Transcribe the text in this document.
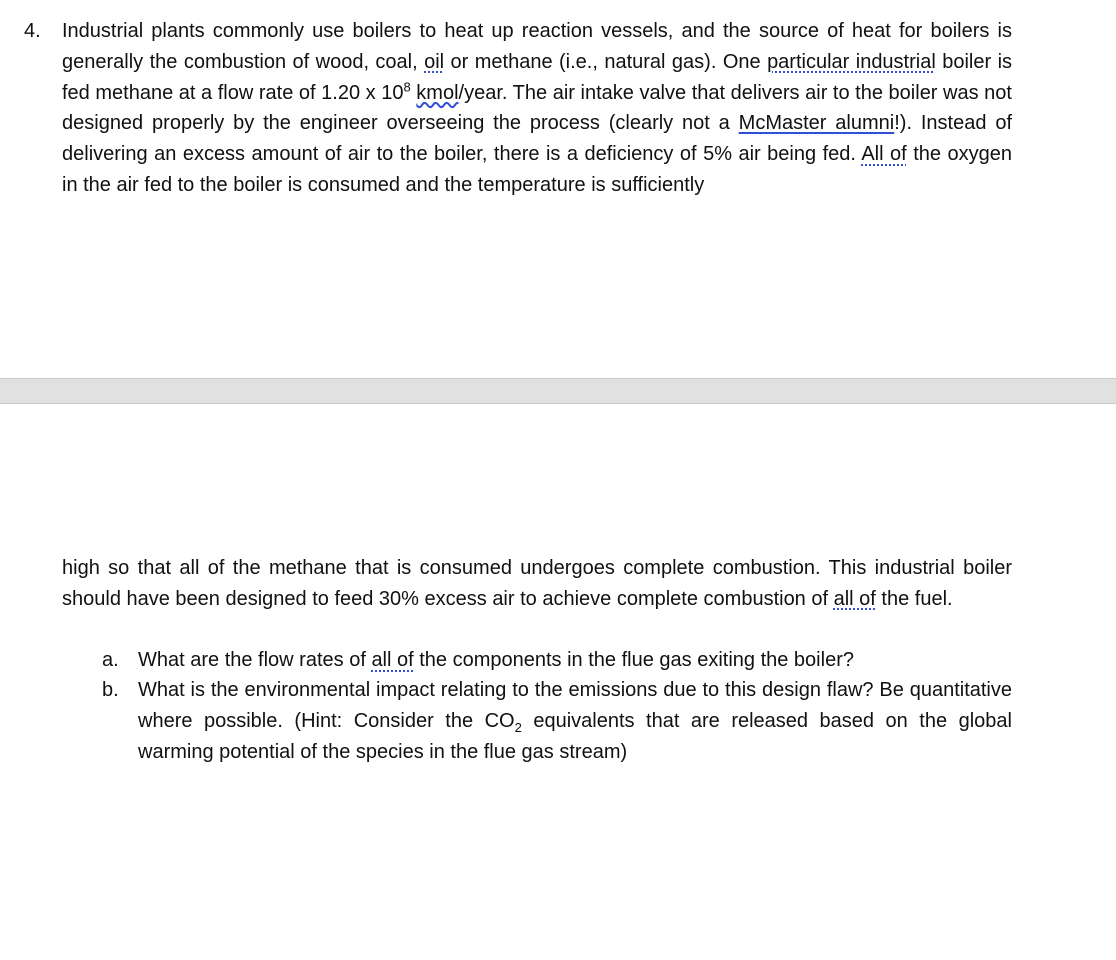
4. Industrial plants commonly use boilers to heat up reaction vessels, and the source of heat for boilers is generally the combustion of wood, coal, oil or methane (i.e., natural gas). One particular industrial boiler is fed methane at a flow rate of 1.20 x $10^8$ kmol/year. The air intake valve that delivers air to the boiler was not designed properly by the engineer overseeing the process (clearly not a McMaster alumni!). Instead of delivering an excess amount of air to the boiler, there is a deficiency of 5% air being fed. All of the oxygen in the air fed to the boiler is consumed and the temperature is sufficiently
high so that all of the methane that is consumed undergoes complete combustion. This industrial boiler should have been designed to feed 30% excess air to achieve complete combustion of all of the fuel.
a. What are the flow rates of all of the components in the flue gas exiting the boiler?
b. What is the environmental impact relating to the emissions due to this design flaw? Be quantitative where possible. (Hint: Consider the $CO_2$ equivalents that are released based on the global warming potential of the species in the flue gas stream)
